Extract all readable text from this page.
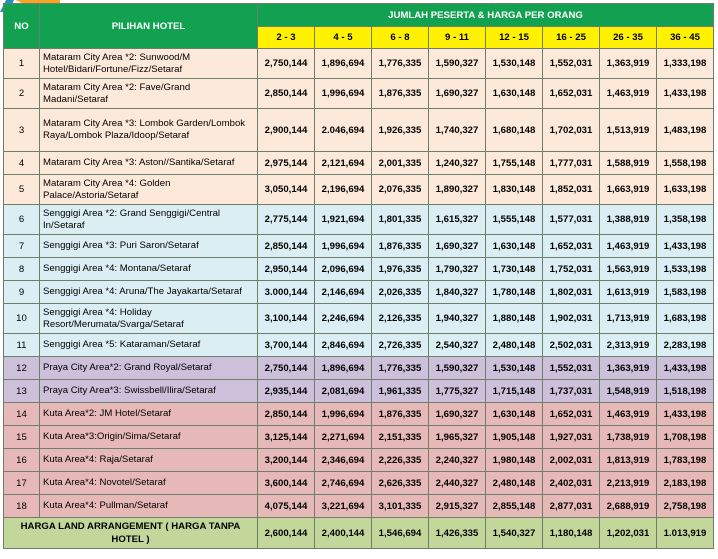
NO	PILIHAN HOTEL	JUMLAH PESERTA & HARGA PER ORANG							
		2 - 3	4 - 5	6 - 8	9 - 11	12 - 15	16 - 25	26 - 35	36 - 45
1	Mataram City Area *2: Sunwood/M Hotel/Bidari/Fortune/Fizz/Setaraf	2,750,144	1,896,694	1,776,335	1,590,327	1,530,148	1,552,031	1,363,919	1,333,198
2	Mataram City Area *2: Fave/Grand Madani/Setaraf	2,850,144	1,996,694	1,876,335	1,690,327	1,630,148	1,652,031	1,463,919	1,433,198
3	Mataram City Area *3: Lombok Garden/Lombok Raya/Lombok Plaza/Idoop/Setaraf	2,900,144	2.046,694	1,926,335	1,740,327	1,680,148	1,702,031	1,513,919	1,483,198
4	Mataram City Area *3: Aston//Santika/Setaraf	2,975,144	2,121,694	2,001,335	1,240,327	1,755,148	1,777,031	1,588,919	1,558,198
5	Mataram City Area *4: Golden Palace/Astoria/Setaraf	3,050,144	2,196,694	2,076,335	1,890,327	1,830,148	1,852,031	1,663,919	1,633,198
6	Senggigi Area *2: Grand Senggigi/Central In/Setaraf	2,775,144	1,921,694	1,801,335	1,615,327	1,555,148	1,577,031	1,388,919	1,358,198
7	Senggigi Area *3: Puri Saron/Setaraf	2,850,144	1,996,694	1,876,335	1,690,327	1,630,148	1,652,031	1,463,919	1,433,198
8	Senggigi Area *4: Montana/Setaraf	2,950,144	2,096,694	1,976,335	1,790,327	1,730,148	1,752,031	1,563,919	1,533,198
9	Senggigi Area *4: Aruna/The Jayakarta/Setaraf	3.000,144	2,146,694	2,026,335	1,840,327	1,780,148	1,802,031	1,613,919	1,583,198
10	Senggigi Area *4: Holiday Resort/Merumata/Svarga/Setaraf	3,100,144	2,246,694	2,126,335	1,940,327	1,880,148	1,902,031	1,713,919	1,683,198
11	Senggigi Area *5: Kataraman/Setaraf	3,700,144	2,846,694	2,726,335	2,540,327	2,480,148	2,502,031	2,313,919	2,283,198
12	Praya City Area*2: Grand Royal/Setaraf	2,750,144	1,896,694	1,776,335	1,590,327	1,530,148	1,552,031	1,363,919	1,433,198
13	Praya City Area*3: Swissbell/Ilira/Setaraf	2,935,144	2,081,694	1,961,335	1,775,327	1,715,148	1,737,031	1,548,919	1,518,198
14	Kuta Area*2: JM Hotel/Setaraf	2,850,144	1,996,694	1,876,335	1,690,327	1,630,148	1,652,031	1,463,919	1,433,198
15	Kuta Area*3:Origin/Sima/Setaraf	3,125,144	2,271,694	2,151,335	1,965,327	1,905,148	1,927,031	1,738,919	1,708,198
16	Kuta Area*4: Raja/Setaraf	3,200,144	2,346,694	2,226,335	2,240,327	1,980,148	2,002,031	1,813,919	1,783,198
17	Kuta Area*4: Novotel/Setaraf	3,600,144	2,746,694	2,626,335	2,440,327	2,480,148	2,402,031	2,213,919	2,183,198
18	Kuta Area*4: Pullman/Setaraf	4,075,144	3,221,694	3,101,335	2,915,327	2,855,148	2,877,031	2,688,919	2,758,198
HARGA LAND ARRANGEMENT ( HARGA TANPA HOTEL )		2,600,144	2,400,144	1,546,694	1,426,335	1,540,327	1,180,148	1,202,031	1.013,919
